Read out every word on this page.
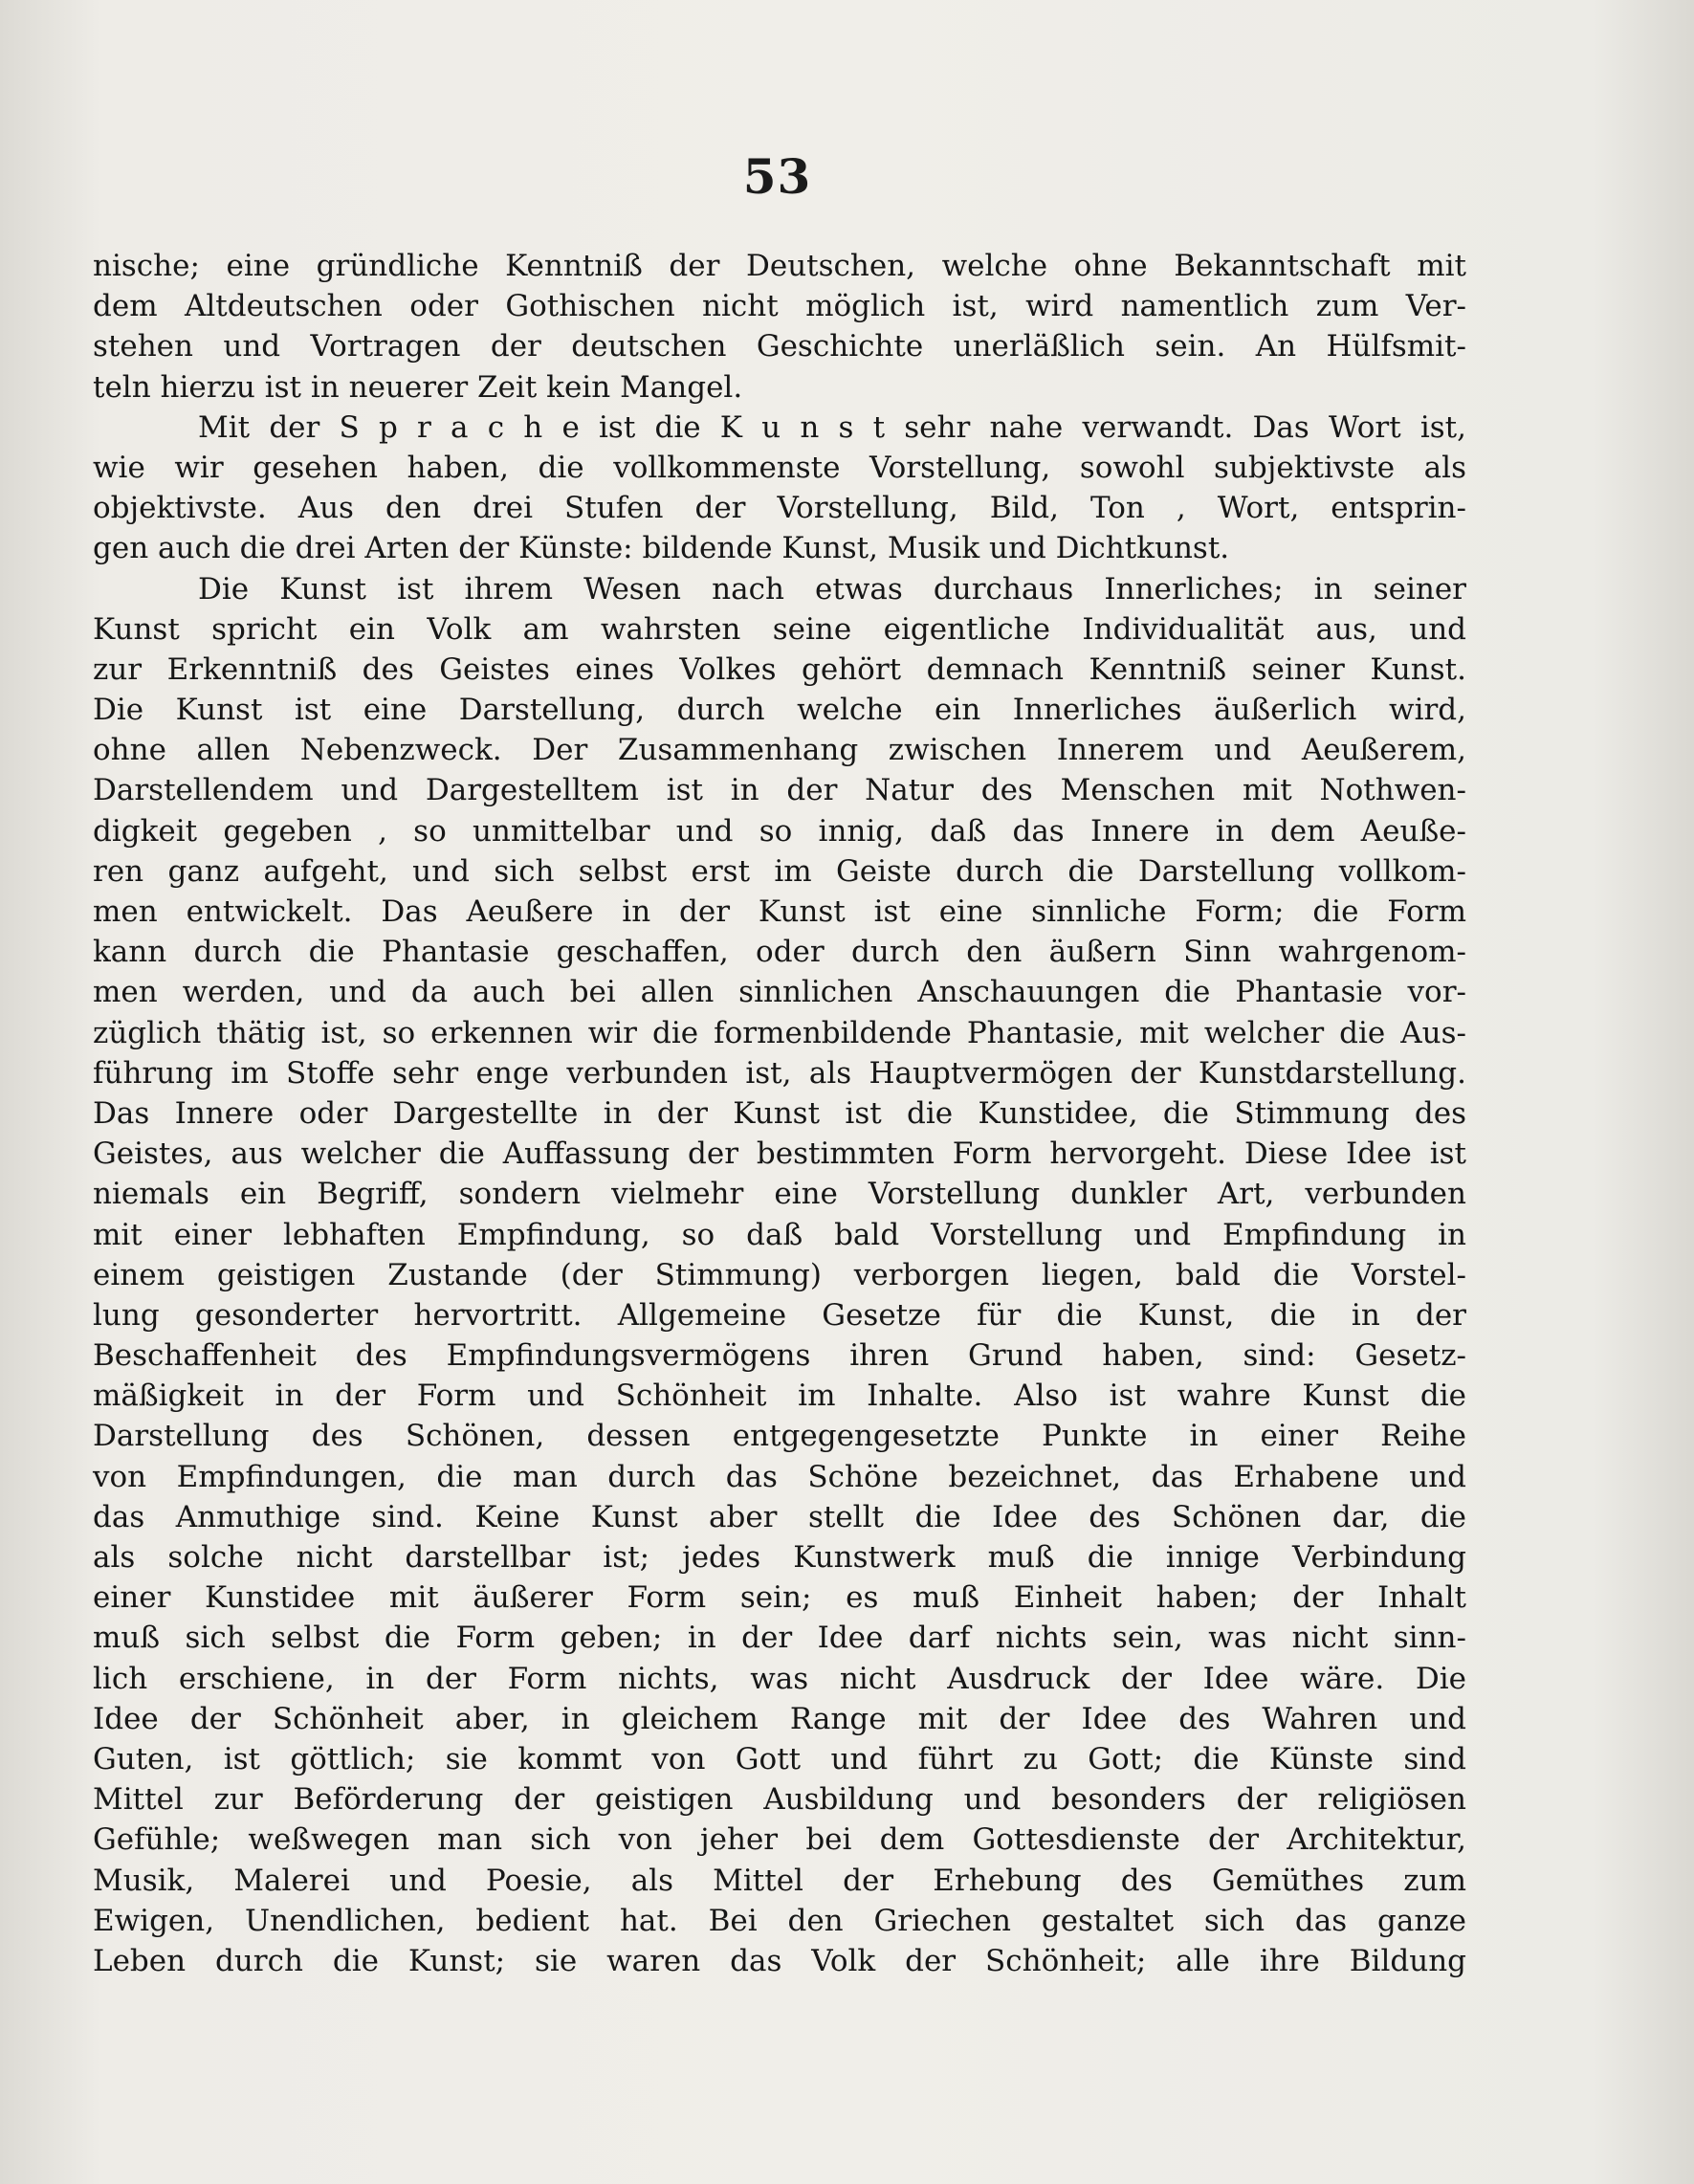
53
nische; eine gründliche Kenntniß der Deutschen, welche ohne Bekanntschaft mit
dem Altdeutschen oder Gothischen nicht möglich ist, wird namentlich zum Ver-
stehen und Vortragen der deutschen Geschichte unerläßlich sein. An Hülfsmit-
teln hierzu ist in neuerer Zeit kein Mangel.
Mit der S p r a c h e ist die K u n s t sehr nahe verwandt. Das Wort ist,
wie wir gesehen haben, die vollkommenste Vorstellung, sowohl subjektivste als
objektivste. Aus den drei Stufen der Vorstellung, Bild, Ton , Wort, entsprin-
gen auch die drei Arten der Künste: bildende Kunst, Musik und Dichtkunst.
Die Kunst ist ihrem Wesen nach etwas durchaus Innerliches; in seiner
Kunst spricht ein Volk am wahrsten seine eigentliche Individualität aus, und
zur Erkenntniß des Geistes eines Volkes gehört demnach Kenntniß seiner Kunst.
Die Kunst ist eine Darstellung, durch welche ein Innerliches äußerlich wird,
ohne allen Nebenzweck. Der Zusammenhang zwischen Innerem und Aeußerem,
Darstellendem und Dargestelltem ist in der Natur des Menschen mit Nothwen-
digkeit gegeben , so unmittelbar und so innig, daß das Innere in dem Aeuße-
ren ganz aufgeht, und sich selbst erst im Geiste durch die Darstellung vollkom-
men entwickelt. Das Aeußere in der Kunst ist eine sinnliche Form; die Form
kann durch die Phantasie geschaffen, oder durch den äußern Sinn wahrgenom-
men werden, und da auch bei allen sinnlichen Anschauungen die Phantasie vor-
züglich thätig ist, so erkennen wir die formenbildende Phantasie, mit welcher die Aus-
führung im Stoffe sehr enge verbunden ist, als Hauptvermögen der Kunstdarstellung.
Das Innere oder Dargestellte in der Kunst ist die Kunstidee, die Stimmung des
Geistes, aus welcher die Auffassung der bestimmten Form hervorgeht. Diese Idee ist
niemals ein Begriff, sondern vielmehr eine Vorstellung dunkler Art, verbunden
mit einer lebhaften Empfindung, so daß bald Vorstellung und Empfindung in
einem geistigen Zustande (der Stimmung) verborgen liegen, bald die Vorstel-
lung gesonderter hervortritt. Allgemeine Gesetze für die Kunst, die in der
Beschaffenheit des Empfindungsvermögens ihren Grund haben, sind: Gesetz-
mäßigkeit in der Form und Schönheit im Inhalte. Also ist wahre Kunst die
Darstellung des Schönen, dessen entgegengesetzte Punkte in einer Reihe
von Empfindungen, die man durch das Schöne bezeichnet, das Erhabene und
das Anmuthige sind. Keine Kunst aber stellt die Idee des Schönen dar, die
als solche nicht darstellbar ist; jedes Kunstwerk muß die innige Verbindung
einer Kunstidee mit äußerer Form sein; es muß Einheit haben; der Inhalt
muß sich selbst die Form geben; in der Idee darf nichts sein, was nicht sinn-
lich erschiene, in der Form nichts, was nicht Ausdruck der Idee wäre. Die
Idee der Schönheit aber, in gleichem Range mit der Idee des Wahren und
Guten, ist göttlich; sie kommt von Gott und führt zu Gott; die Künste sind
Mittel zur Beförderung der geistigen Ausbildung und besonders der religiösen
Gefühle; weßwegen man sich von jeher bei dem Gottesdienste der Architektur,
Musik, Malerei und Poesie, als Mittel der Erhebung des Gemüthes zum
Ewigen, Unendlichen, bedient hat. Bei den Griechen gestaltet sich das ganze
Leben durch die Kunst; sie waren das Volk der Schönheit; alle ihre Bildung
